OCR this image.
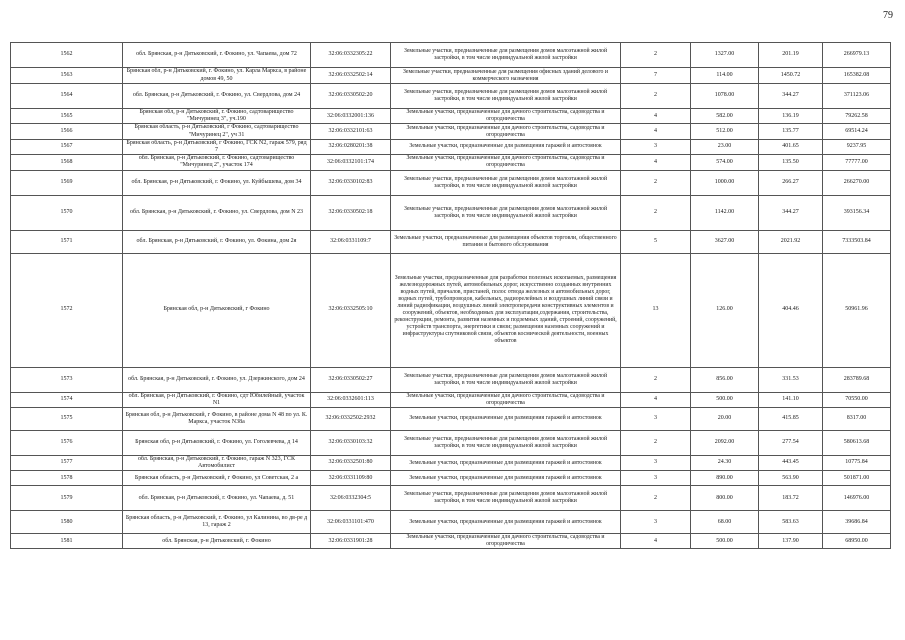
79
1562	обл. Брянская, р-н Дятьковский, г. Фокино, ул. Чапаева, дом 72	32:06:0332305:22	Земельные участки, предназначенные для размещения домов малоэтажной жилой застройки, в том числе индивидуальной жилой застройки	2	1327.00	201.19	266979.13
1563	Брянская обл, р-н Дятьковский, г. Фокино, ул. Карла Маркса, в районе домов 49, 50	32:06:0332502:14	Земельные участки, предназначенные для размещения офисных зданий делового и коммерческого назначения	7	114.00	1450.72	165382.08
1564	обл. Брянская, р-н Дятьковский, г. Фокино, ул. Свердлова, дом 24	32:06:0330502:20	Земельные участки, предназначенные для размещения домов малоэтажной жилой застройки, в том числе индивидуальной жилой застройки	2	1078.00	344.27	371123.06
1565	Брянская обл, р-н Дятьковский, г. Фокино, садтоварищество "Мичуринец 3", уч.190	32:06:0332001:136	Земельные участки, предназначенные для дачного строительства, садоводства и огородничества	4	582.00	136.19	79262.58
1566	Брянская область, р-н Дятьковский, г Фокино, садтоварищество "Мичуринец 2", уч 31	32:06:0332101:63	Земельные участки, предназначенные для дачного строительства, садоводства и огородничества	4	512.00	135.77	69514.24
1567	Брянская область, р-н Дятьковский, г Фокино, ГСК N2, гараж 579, ряд 7	32:06:0280201:38	Земельные участки, предназначенные для размещения гаражей и автостоянок	3	23.00	401.65	9237.95
1568	обл. Брянская, р-н Дятьковский, г. Фокино, садтоварищество "Мичуринец 2", участок 174	32:06:0332101:174	Земельные участки, предназначенные для дачного строительства, садоводства и огородничества	4	574.00	135.50	77777.00
1569	обл. Брянская, р-н Дятьковский, г. Фокино, ул. Куйбышева, дом 34	32:06:0330102:83	Земельные участки, предназначенные для размещения домов малоэтажной жилой застройки, в том числе индивидуальной жилой застройки	2	1000.00	266.27	266270.00
1570	обл. Брянская, р-н Дятьковский, г. Фокино, ул. Свердлова, дом N 23	32:06:0330502:18	Земельные участки, предназначенные для размещения домов малоэтажной жилой застройки, в том числе индивидуальной жилой застройки	2	1142.00	344.27	393156.34
1571	обл. Брянская, р-н Дятьковский, г. Фокино, ул. Фокина, дом 2я	32:06:0331109:7	Земельные участки, предназначенные для размещения объектов торговли, общественного питания и бытового обслуживания	5	3627.00	2021.92	7333503.84
1572	Брянская обл, р-н Дятьковский, г Фокино	32:06:0332505:10	Земельные участки, предназначенные для разработки полезных ископаемых, размещения железнодорожных путей, автомобильных дорог, искусственно созданных внутренних водных путей, причалов, пристаней, полос отвода железных и автомобильных дорог, водных путей, трубопроводов, кабельных, радиорелейных и воздушных линий связи и линий радиофикации, воздушных линий электропередачи конструктивных элементов и сооружений, объектов, необходимых для эксплуатации,содержания, строительства, реконструкции, ремонта, развития наземных и подземных зданий, строений, сооружений, устройств транспорта, энергетики и связи; размещения наземных сооружений и инфраструктуры спутниковой связи, объектов космической деятельности, военных объектов	13	126.00	404.46	50961.96
1573	обл. Брянская, р-н Дятьковский, г. Фокино, ул. Дзержинского, дом 24	32:06:0330502:27	Земельные участки, предназначенные для размещения домов малоэтажной жилой застройки, в том числе индивидуальной жилой застройки	2	856.00	331.53	283789.68
1574	обл. Брянская, р-н Дятьковский, г. Фокино, сдт Юбилейный, участок N1	32:06:0332601:113	Земельные участки, предназначенные для дачного строительства, садоводства и огородничества	4	500.00	141.10	70550.00
1575	Брянская обл, р-н Дятьковский, г Фокино, в районе дома N 48 по ул. К. Маркса, участок N38а	32:06:0332502:2932	Земельные участки, предназначенные для размещения гаражей и автостоянок	3	20.00	415.85	8317.00
1576	Брянская обл, р-н Дятьковский, г. Фокино, ул. Гоголевчева, д 14	32:06:0330103:32	Земельные участки, предназначенные для размещения домов малоэтажной жилой застройки, в том числе индивидуальной жилой застройки	2	2092.00	277.54	580613.68
1577	обл. Брянская, р-н Дятьковский, г. Фокино, гараж N 323, ГСК Автомобилист	32:06:0332501:80	Земельные участки, предназначенные для размещения гаражей и автостоянок	3	24.30	443.45	10775.84
1578	Брянская область, р-н Дятьковский, г Фокино, ул Советская, 2 а	32:06:0331109:80	Земельные участки, предназначенные для размещения гаражей и автостоянок	3	890.00	563.90	501871.00
1579	обл. Брянская, р-н Дятьковский, г. Фокино, ул. Чапаева, д. 51	32:06:0332304:5	Земельные участки, предназначенные для размещения домов малоэтажной жилой застройки, в том числе индивидуальной жилой застройки	2	800.00	183.72	146976.00
1580	Брянская область, р-н Дятьковский, г. Фокино, ул Калинина, во дв-ре д 13, гараж 2	32:06:0331101:470	Земельные участки, предназначенные для размещения гаражей и автостоянок	3	68.00	583.63	39686.84
1581	обл. Брянская, р-н Дятьковский, г. Фокино	32:06:0331901:28	Земельные участки, предназначенные для дачного строительства, садоводства и огородничества	4	500.00	137.90	68950.00
